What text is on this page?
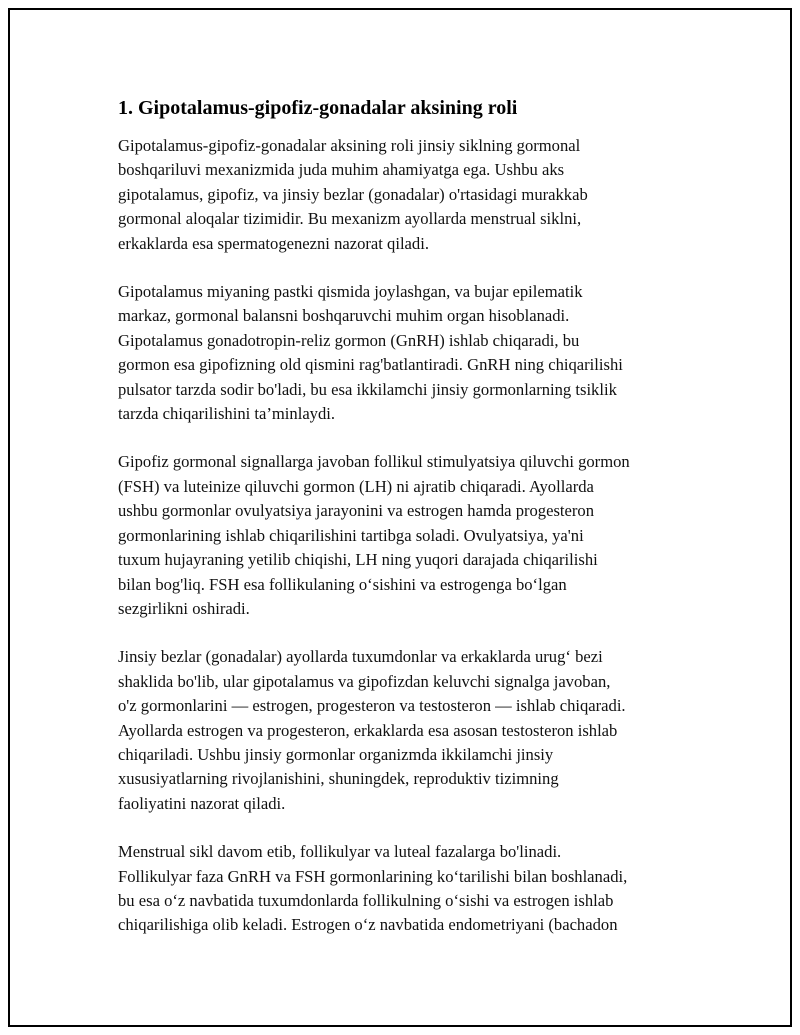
1. Gipotalamus-gipofiz-gonadalar aksining roli

Gipotalamus-gipofiz-gonadalar aksining roli jinsiy siklning gormonal
boshqariluvi mexanizmida juda muhim ahamiyatga ega. Ushbu aks
gipotalamus, gipofiz, va jinsiy bezlar (gonadalar) o'rtasidagi murakkab
gormonal aloqalar tizimidir. Bu mexanizm ayollarda menstrual siklni,
erkaklarda esa spermatogenezni nazorat qiladi.

Gipotalamus miyaning pastki qismida joylashgan, va bujar epilematik
markaz, gormonal balansni boshqaruvchi muhim organ hisoblanadi.
Gipotalamus gonadotropin-reliz gormon (GnRH) ishlab chiqaradi, bu
gormon esa gipofizning old qismini rag'batlantiradi. GnRH ning chiqarilishi
pulsator tarzda sodir bo'ladi, bu esa ikkilamchi jinsiy gormonlarning tsiklik
tarzda chiqarilishini ta’minlaydi.

Gipofiz gormonal signallarga javoban follikul stimulyatsiya qiluvchi gormon
(FSH) va luteinize qiluvchi gormon (LH) ni ajratib chiqaradi. Ayollarda
ushbu gormonlar ovulyatsiya jarayonini va estrogen hamda progesteron
gormonlarining ishlab chiqarilishini tartibga soladi. Ovulyatsiya, ya'ni
tuxum hujayraning yetilib chiqishi, LH ning yuqori darajada chiqarilishi
bilan bog'liq. FSH esa follikulaning o‘sishini va estrogenga bo‘lgan
sezgirlikni oshiradi.

Jinsiy bezlar (gonadalar) ayollarda tuxumdonlar va erkaklarda urug‘ bezi
shaklida bo'lib, ular gipotalamus va gipofizdan keluvchi signalga javoban,
o'z gormonlarini — estrogen, progesteron va testosteron — ishlab chiqaradi.
Ayollarda estrogen va progesteron, erkaklarda esa asosan testosteron ishlab
chiqariladi. Ushbu jinsiy gormonlar organizmda ikkilamchi jinsiy
xususiyatlarning rivojlanishini, shuningdek, reproduktiv tizimning
faoliyatini nazorat qiladi.

Menstrual sikl davom etib, follikulyar va luteal fazalarga bo'linadi.
Follikulyar faza GnRH va FSH gormonlarining ko‘tarilishi bilan boshlanadi,
bu esa o‘z navbatida tuxumdonlarda follikulning o‘sishi va estrogen ishlab
chiqarilishiga olib keladi. Estrogen o‘z navbatida endometriyani (bachadon
